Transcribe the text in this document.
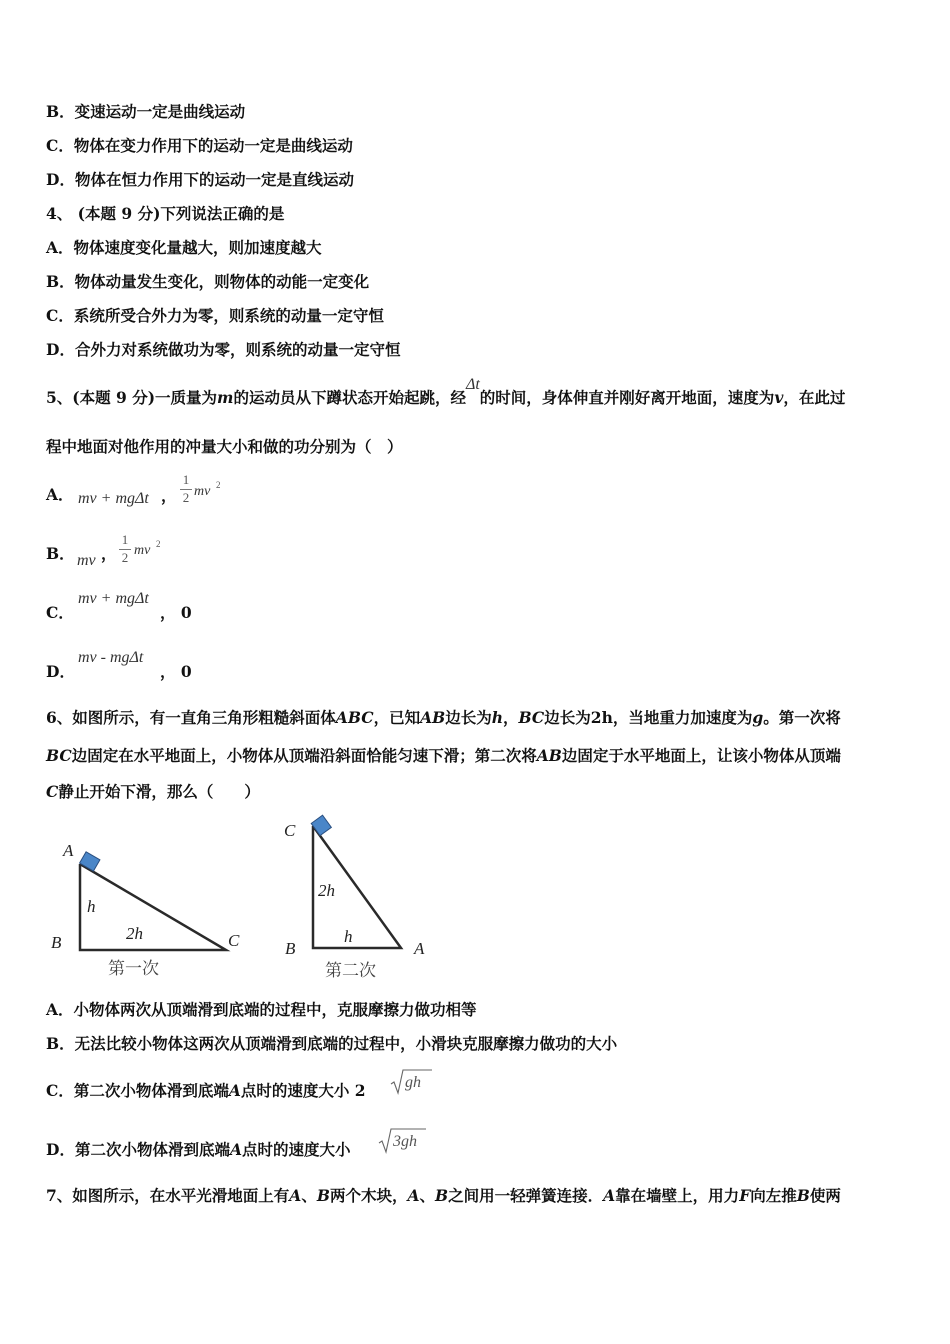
B．变速运动一定是曲线运动
C．物体在变力作用下的运动一定是曲线运动
D．物体在恒力作用下的运动一定是直线运动
4、 (本题 9 分)下列说法正确的是
A．物体速度变化量越大，则加速度越大
B．物体动量发生变化，则物体的动能一定变化
C．系统所受合外力为零，则系统的动量一定守恒
D．合外力对系统做功为零，则系统的动量一定守恒
5、(本题 9 分)一质量为m的运动员从下蹲状态开始起跳，经Δt的时间，身体伸直并刚好离开地面，速度为v，在此过
程中地面对他作用的冲量大小和做的功分别为（　）
A． mv + mgΔt ， $\frac{1}{2}$ mv 2
B． mv ， $\frac{1}{2}$ mv 2
C．
mv + mgΔt
， 0
D．
mv - mgΔt
， 0
6、如图所示，有一直角三角形粗糙斜面体ABC，已知AB边长为h，BC边长为2h，当地重力加速度为g。第一次将
BC边固定在水平地面上，小物体从顶端沿斜面恰能匀速下滑；第二次将AB边固定于水平地面上，让该小物体从顶端
C静止开始下滑，那么（　　）
A
B	C
h
2h
第一次
C
B	A
2h
h
第二次
A．小物体两次从顶端滑到底端的过程中，克服摩擦力做功相等
B．无法比较小物体这两次从顶端滑到底端的过程中，小滑块克服摩擦力做功的大小
C．第二次小物体滑到底端A点时的速度大小 2 gh
D．第二次小物体滑到底端A点时的速度大小	3gh
7、如图所示，在水平光滑地面上有A、B两个木块，A、B之间用一轻弹簧连接．A靠在墙壁上，用力F向左推B使两
